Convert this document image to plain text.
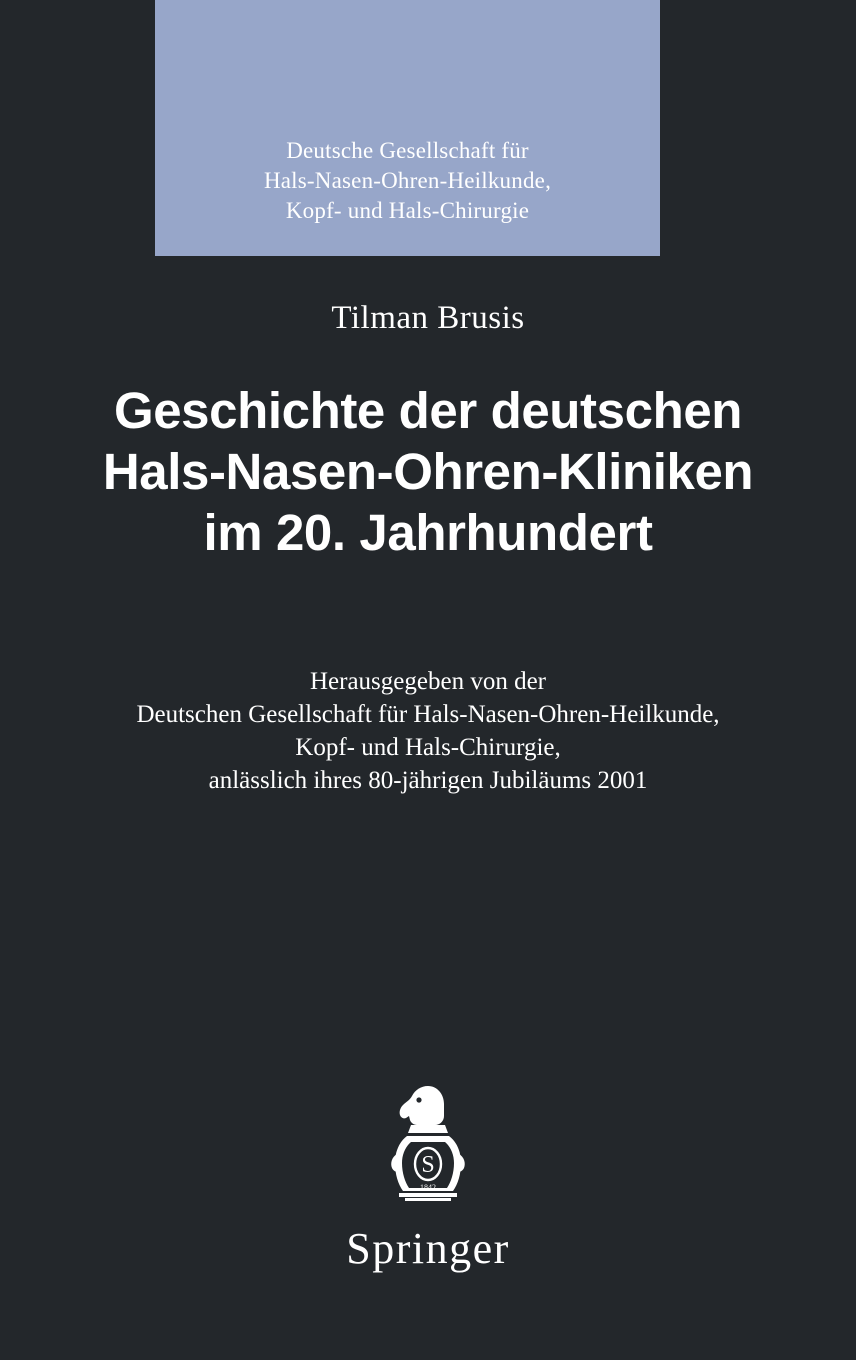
Deutsche Gesellschaft für
Hals-Nasen-Ohren-Heilkunde,
Kopf- und Hals-Chirurgie
Tilman Brusis
Geschichte der deutschen
Hals-Nasen-Ohren-Kliniken
im 20. Jahrhundert
Herausgegeben von der
Deutschen Gesellschaft für Hals-Nasen-Ohren-Heilkunde,
Kopf- und Hals-Chirurgie,
anlässlich ihres 80-jährigen Jubiläums 2001
S
1842
Springer
